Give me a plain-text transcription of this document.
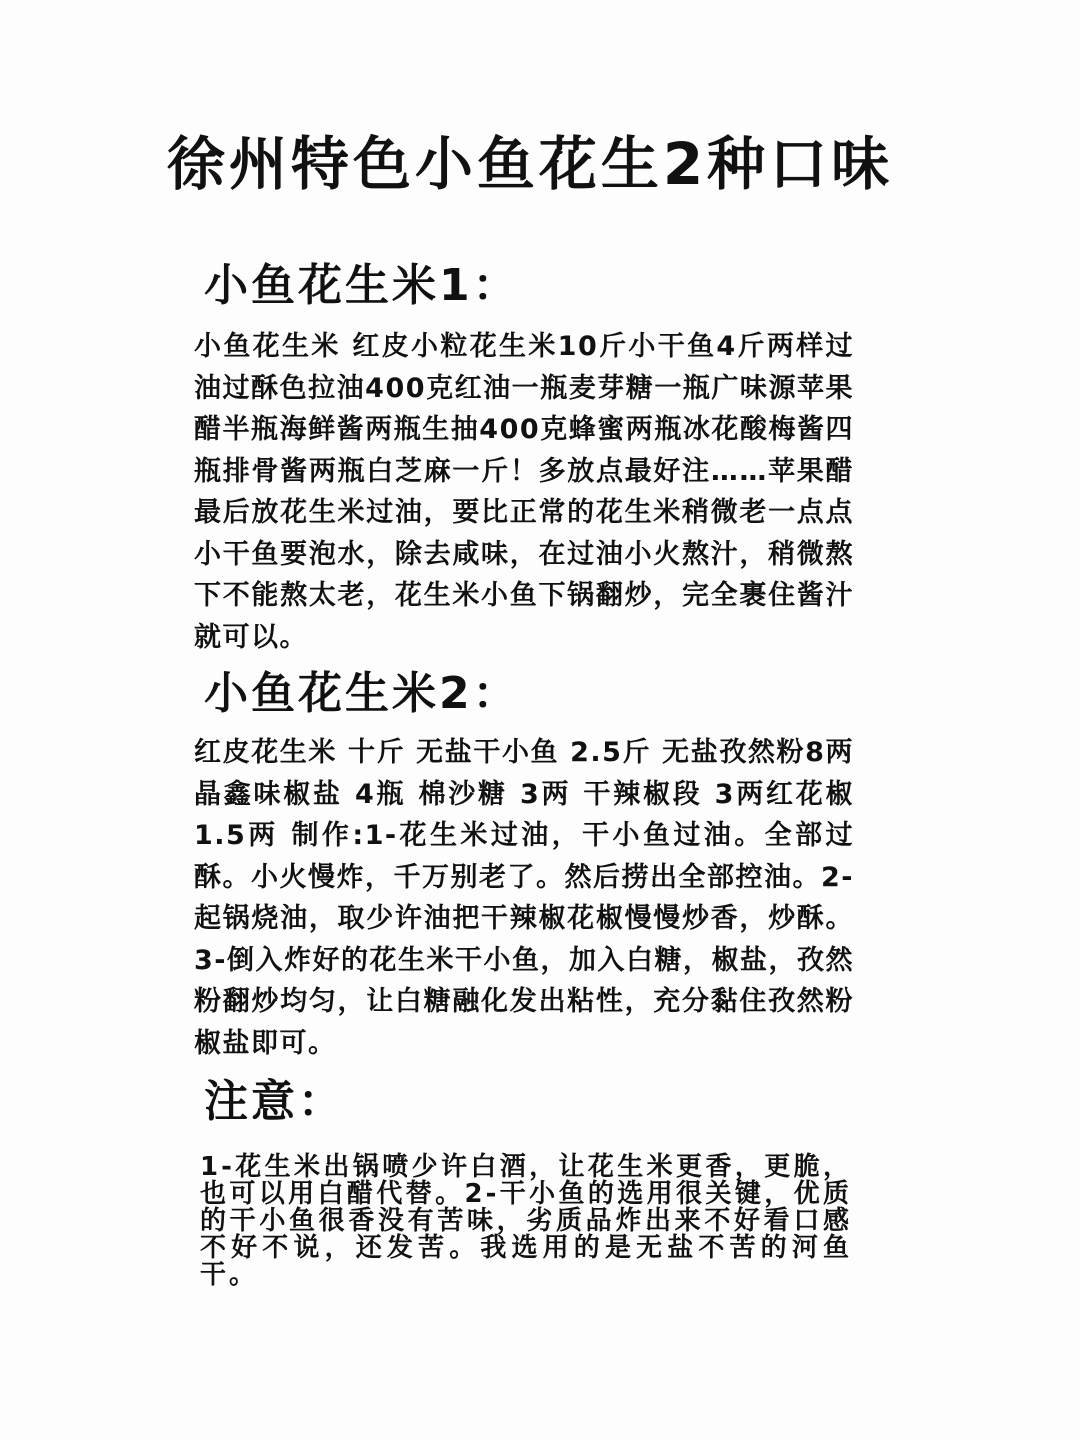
徐州特色小鱼花生2种口味
小鱼花生米1：

小鱼花生米 红皮小粒花生米10斤小干鱼4斤两样过油过酥色拉油400克红油一瓶麦芽糖一瓶广味源苹果醋半瓶海鲜酱两瓶生抽400克蜂蜜两瓶冰花酸梅酱四瓶排骨酱两瓶白芝麻一斤！多放点最好注……苹果醋最后放花生米过油，要比正常的花生米稍微老一点点小干鱼要泡水，除去咸味，在过油小火熬汁，稍微熬下不能熬太老，花生米小鱼下锅翻炒，完全裹住酱汁就可以。

小鱼花生米2：

红皮花生米 十斤 无盐干小鱼 2.5斤 无盐孜然粉8两 晶鑫味椒盐 4瓶 棉沙糖 3两 干辣椒段 3两红花椒 1.5两 制作:1-花生米过油，干小鱼过油。全部过酥。小火慢炸，千万别老了。然后捞出全部控油。2-起锅烧油，取少许油把干辣椒花椒慢慢炒香，炒酥。3-倒入炸好的花生米干小鱼，加入白糖，椒盐，孜然粉翻炒均匀，让白糖融化发出粘性，充分黏住孜然粉椒盐即可。

注意：

1-花生米出锅喷少许白酒，让花生米更香，更脆，也可以用白醋代替。2-干小鱼的选用很关键，优质的干小鱼很香没有苦味，劣质品炸出来不好看口感不好不说，还发苦。我选用的是无盐不苦的河鱼干。
